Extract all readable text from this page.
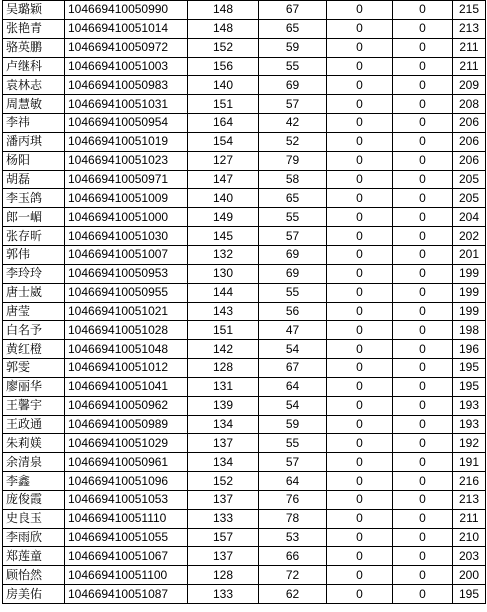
吴璐颖	104669410050990	148	67	0	0	215
张艳青	104669410051014	148	65	0	0	213
骆英鹏	104669410050972	152	59	0	0	211
卢继科	104669410051003	156	55	0	0	211
袁林志	104669410050983	140	69	0	0	209
周慧敏	104669410051031	151	57	0	0	208
李祎	104669410050954	164	42	0	0	206
潘丙琪	104669410051019	154	52	0	0	206
杨阳	104669410051023	127	79	0	0	206
胡磊	104669410050971	147	58	0	0	205
李玉鸽	104669410051009	140	65	0	0	205
郎一嵋	104669410051000	149	55	0	0	204
张存昕	104669410051030	145	57	0	0	202
郭伟	104669410051007	132	69	0	0	201
李玲玲	104669410050953	130	69	0	0	199
唐士崴	104669410050955	144	55	0	0	199
唐莹	104669410051021	143	56	0	0	199
白名予	104669410051028	151	47	0	0	198
黄红橙	104669410051048	142	54	0	0	196
郭雯	104669410051012	128	67	0	0	195
廖丽华	104669410051041	131	64	0	0	195
王馨宇	104669410050962	139	54	0	0	193
王政通	104669410050989	134	59	0	0	193
朱莉媄	104669410051029	137	55	0	0	192
余清泉	104669410050961	134	57	0	0	191
李鑫	104669410051096	152	64	0	0	216
庞俊霞	104669410051053	137	76	0	0	213
史良玉	104669410051110	133	78	0	0	211
李雨欣	104669410051055	157	53	0	0	210
郑莲童	104669410051067	137	66	0	0	203
顾怡然	104669410051100	128	72	0	0	200
房美佑	104669410051087	133	62	0	0	195
